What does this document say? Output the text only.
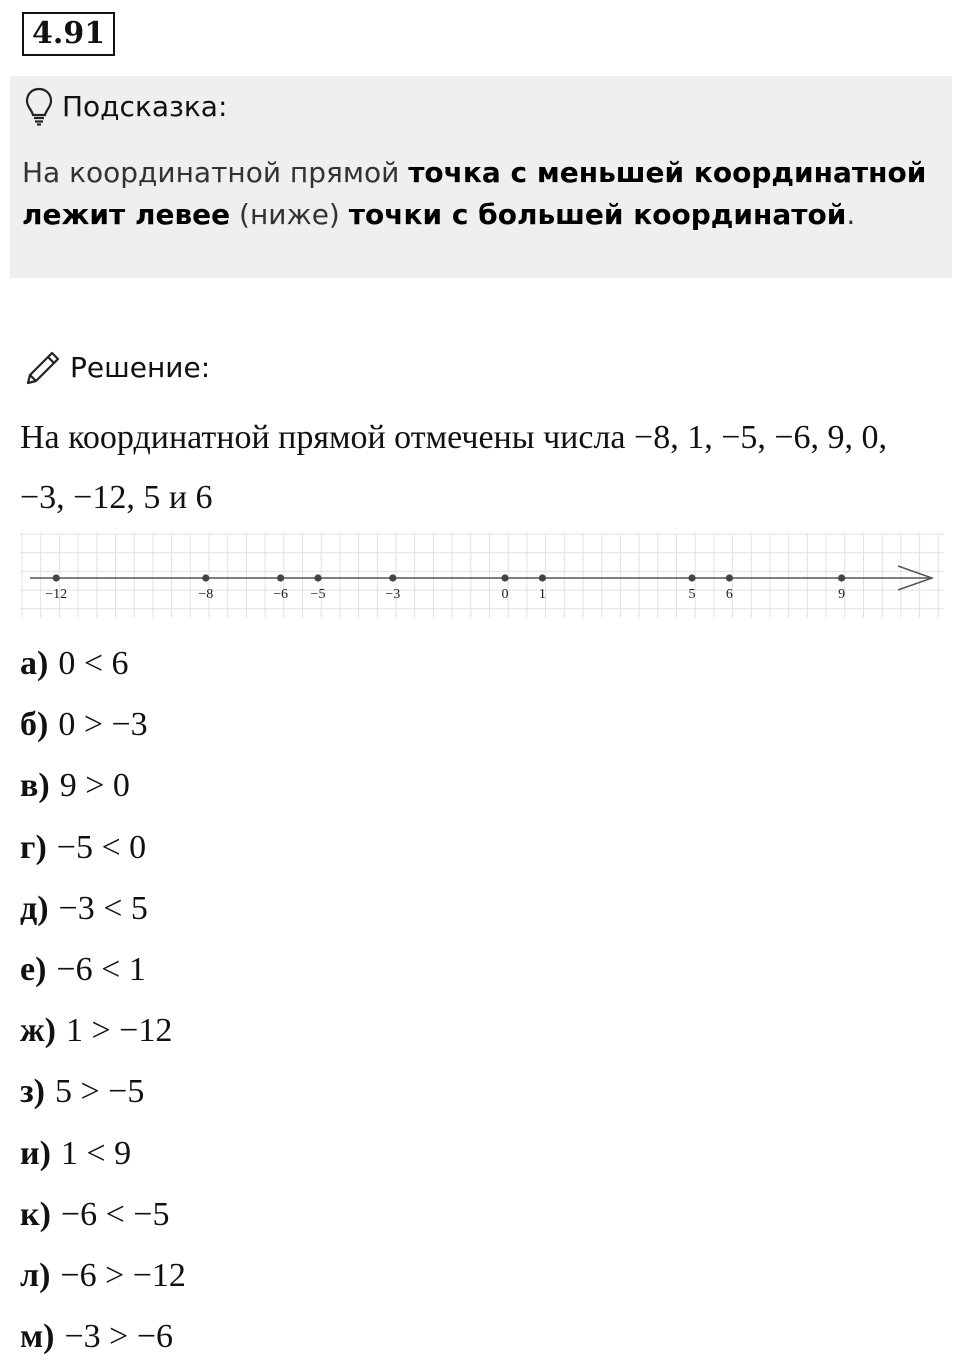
4.91
Подсказка:
На координатной прямой точка с меньшей координатной лежит левее (ниже) точки с большей координатой.
Решение:
На координатной прямой отмечены числа −8, 1, −5, −6, 9, 0, −3, −12, 5 и 6
−12	−8	−6 −5	−3	0 1	5 6	9
а) 0 < 6
б) 0 > −3
в) 9 > 0
г) −5 < 0
д) −3 < 5
е) −6 < 1
ж) 1 > −12
з) 5 > −5
и) 1 < 9
к) −6 < −5
л) −6 > −12
м) −3 > −6
